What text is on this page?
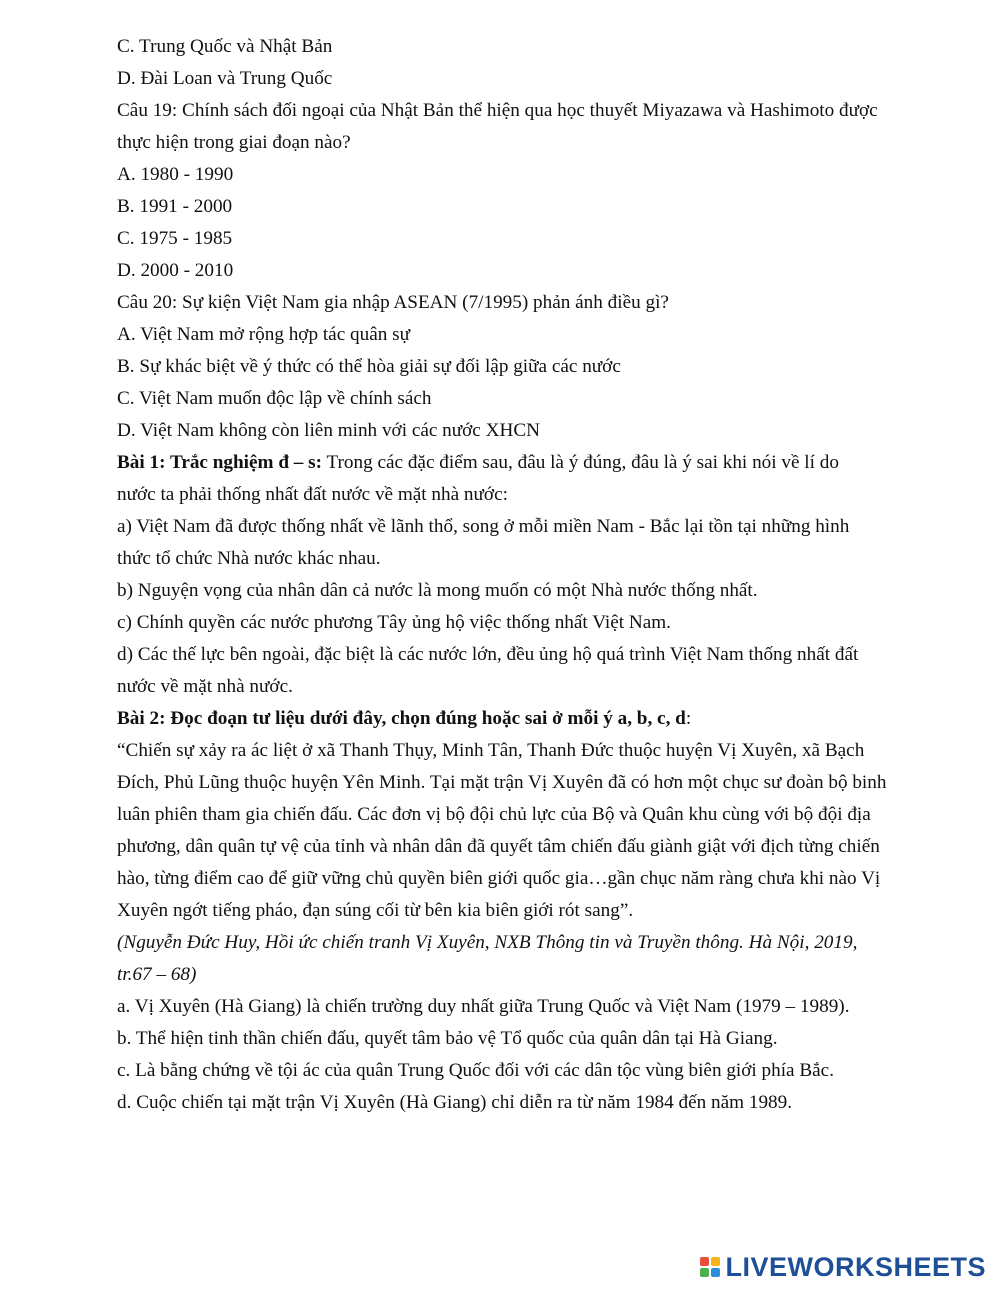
C. Trung Quốc và Nhật Bản
D. Đài Loan và Trung Quốc
Câu 19: Chính sách đối ngoại của Nhật Bản thể hiện qua học thuyết Miyazawa và Hashimoto được
thực hiện trong giai đoạn nào?
A. 1980 - 1990
B. 1991 - 2000
C. 1975 - 1985
D. 2000 - 2010
Câu 20: Sự kiện Việt Nam gia nhập ASEAN (7/1995) phản ánh điều gì?
A. Việt Nam mở rộng hợp tác quân sự
B. Sự khác biệt về ý thức có thể hòa giải sự đối lập giữa các nước
C. Việt Nam muốn độc lập về chính sách
D. Việt Nam không còn liên minh với các nước XHCN
Bài 1: Trắc nghiệm đ – s: Trong các đặc điểm sau, đâu là ý đúng, đâu là ý sai khi nói về lí do
nước ta phải thống nhất đất nước về mặt nhà nước:
a) Việt Nam đã được thống nhất về lãnh thổ, song ở mỗi miền Nam - Bắc lại tồn tại những hình
thức tổ chức Nhà nước khác nhau.
b) Nguyện vọng của nhân dân cả nước là mong muốn có một Nhà nước thống nhất.
c) Chính quyền các nước phương Tây ủng hộ việc thống nhất Việt Nam.
d) Các thế lực bên ngoài, đặc biệt là các nước lớn, đều ủng hộ quá trình Việt Nam thống nhất đất
nước về mặt nhà nước.
Bài 2: Đọc đoạn tư liệu dưới đây, chọn đúng hoặc sai ở mỗi ý a, b, c, d:
“Chiến sự xảy ra ác liệt ở xã Thanh Thụy, Minh Tân, Thanh Đức thuộc huyện Vị Xuyên, xã Bạch
Đích, Phủ Lũng thuộc huyện Yên Minh. Tại mặt trận Vị Xuyên đã có hơn một chục sư đoàn bộ binh
luân phiên tham gia chiến đấu. Các đơn vị bộ đội chủ lực của Bộ và Quân khu cùng với bộ đội địa
phương, dân quân tự vệ của tỉnh và nhân dân đã quyết tâm chiến đấu giành giật với địch từng chiến
hào, từng điểm cao để giữ vững chủ quyền biên giới quốc gia…gần chục năm ràng chưa khi nào Vị
Xuyên ngớt tiếng pháo, đạn súng cối từ bên kia biên giới rót sang”.
(Nguyễn Đức Huy, Hồi ức chiến tranh Vị Xuyên, NXB Thông tin và Truyền thông. Hà Nội, 2019,
tr.67 – 68)
a. Vị Xuyên (Hà Giang) là chiến trường duy nhất giữa Trung Quốc và Việt Nam (1979 – 1989).
b. Thể hiện tinh thần chiến đấu, quyết tâm bảo vệ Tổ quốc của quân dân tại Hà Giang.
c. Là bằng chứng về tội ác của quân Trung Quốc đối với các dân tộc vùng biên giới phía Bắc.
d. Cuộc chiến tại mặt trận Vị Xuyên (Hà Giang) chỉ diễn ra từ năm 1984 đến năm 1989.
LIVEWORKSHEETS
